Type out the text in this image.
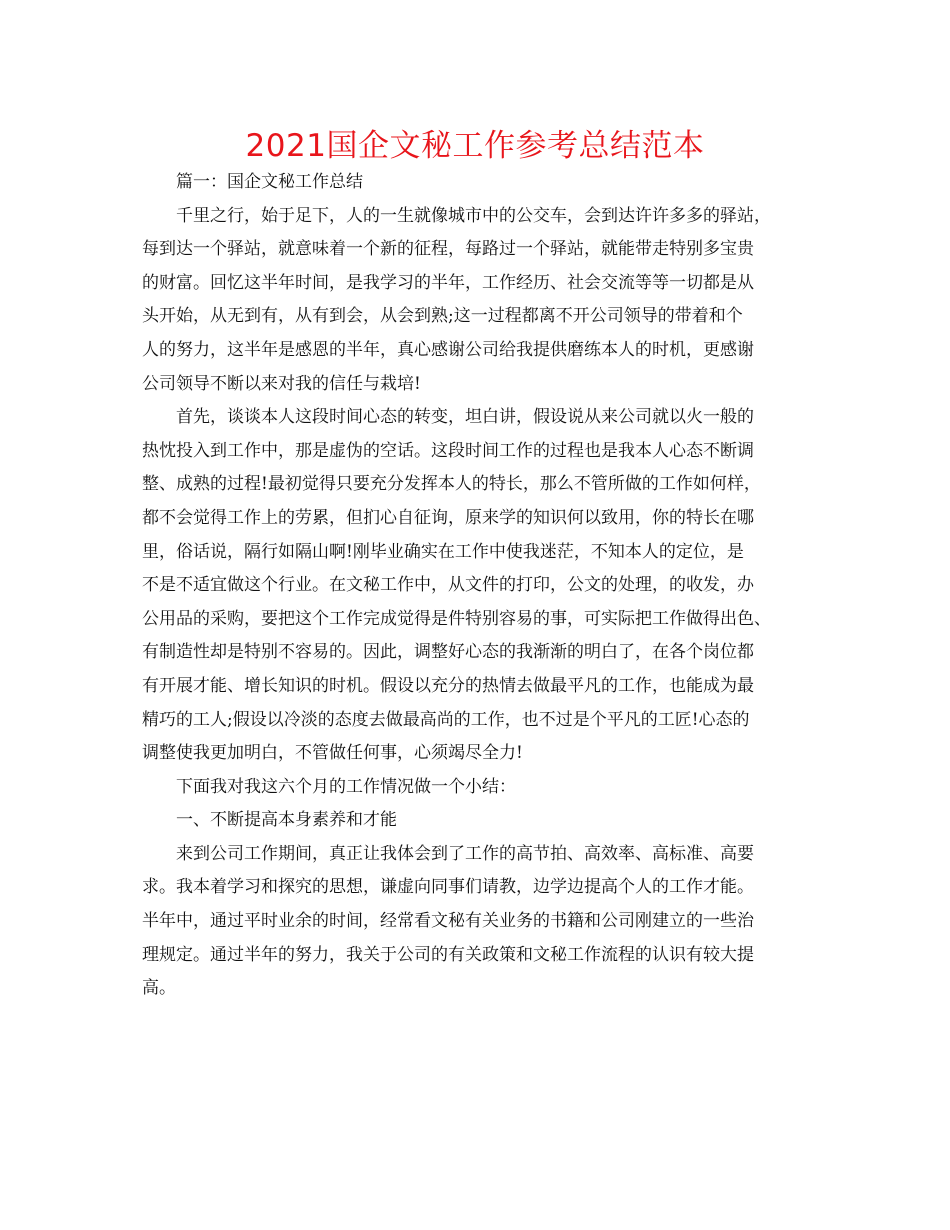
2021国企文秘工作参考总结范本
篇一：国企文秘工作总结
千里之行，始于足下，人的一生就像城市中的公交车，会到达许许多多的驿站，
每到达一个驿站，就意味着一个新的征程，每路过一个驿站，就能带走特别多宝贵
的财富。回忆这半年时间，是我学习的半年，工作经历、社会交流等等一切都是从
头开始，从无到有，从有到会，从会到熟;这一过程都离不开公司领导的带着和个
人的努力，这半年是感恩的半年，真心感谢公司给我提供磨练本人的时机，更感谢
公司领导不断以来对我的信任与栽培!
首先，谈谈本人这段时间心态的转变，坦白讲，假设说从来公司就以火一般的
热忱投入到工作中，那是虚伪的空话。这段时间工作的过程也是我本人心态不断调
整、成熟的过程!最初觉得只要充分发挥本人的特长，那么不管所做的工作如何样，
都不会觉得工作上的劳累，但扪心自征询，原来学的知识何以致用，你的特长在哪
里，俗话说，隔行如隔山啊!刚毕业确实在工作中使我迷茫，不知本人的定位，是
不是不适宜做这个行业。在文秘工作中，从文件的打印，公文的处理，的收发，办
公用品的采购，要把这个工作完成觉得是件特别容易的事，可实际把工作做得出色、
有制造性却是特别不容易的。因此，调整好心态的我渐渐的明白了，在各个岗位都
有开展才能、增长知识的时机。假设以充分的热情去做最平凡的工作，也能成为最
精巧的工人;假设以冷淡的态度去做最高尚的工作，也不过是个平凡的工匠!心态的
调整使我更加明白，不管做任何事，心须竭尽全力!
下面我对我这六个月的工作情况做一个小结：
一、不断提高本身素养和才能
来到公司工作期间，真正让我体会到了工作的高节拍、高效率、高标准、高要
求。我本着学习和探究的思想，谦虚向同事们请教，边学边提高个人的工作才能。
半年中，通过平时业余的时间，经常看文秘有关业务的书籍和公司刚建立的一些治
理规定。通过半年的努力，我关于公司的有关政策和文秘工作流程的认识有较大提
高。
